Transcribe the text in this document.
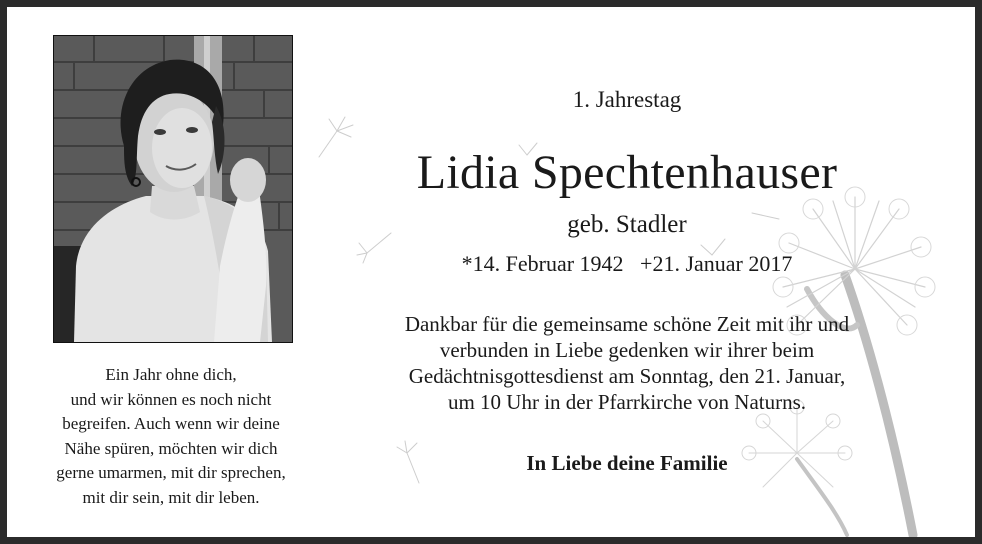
Ein Jahr ohne dich,
und wir können es noch nicht
begreifen. Auch wenn wir deine
Nähe spüren, möchten wir dich
gerne umarmen, mit dir sprechen,
mit dir sein, mit dir leben.
1. Jahrestag
Lidia Spechtenhauser
geb. Stadler
*14. Februar 1942 +21. Januar 2017
Dankbar für die gemeinsame schöne Zeit mit ihr und
verbunden in Liebe gedenken wir ihrer beim
Gedächtnisgottesdienst am Sonntag, den 21. Januar,
um 10 Uhr in der Pfarrkirche von Naturns.
In Liebe deine Familie
